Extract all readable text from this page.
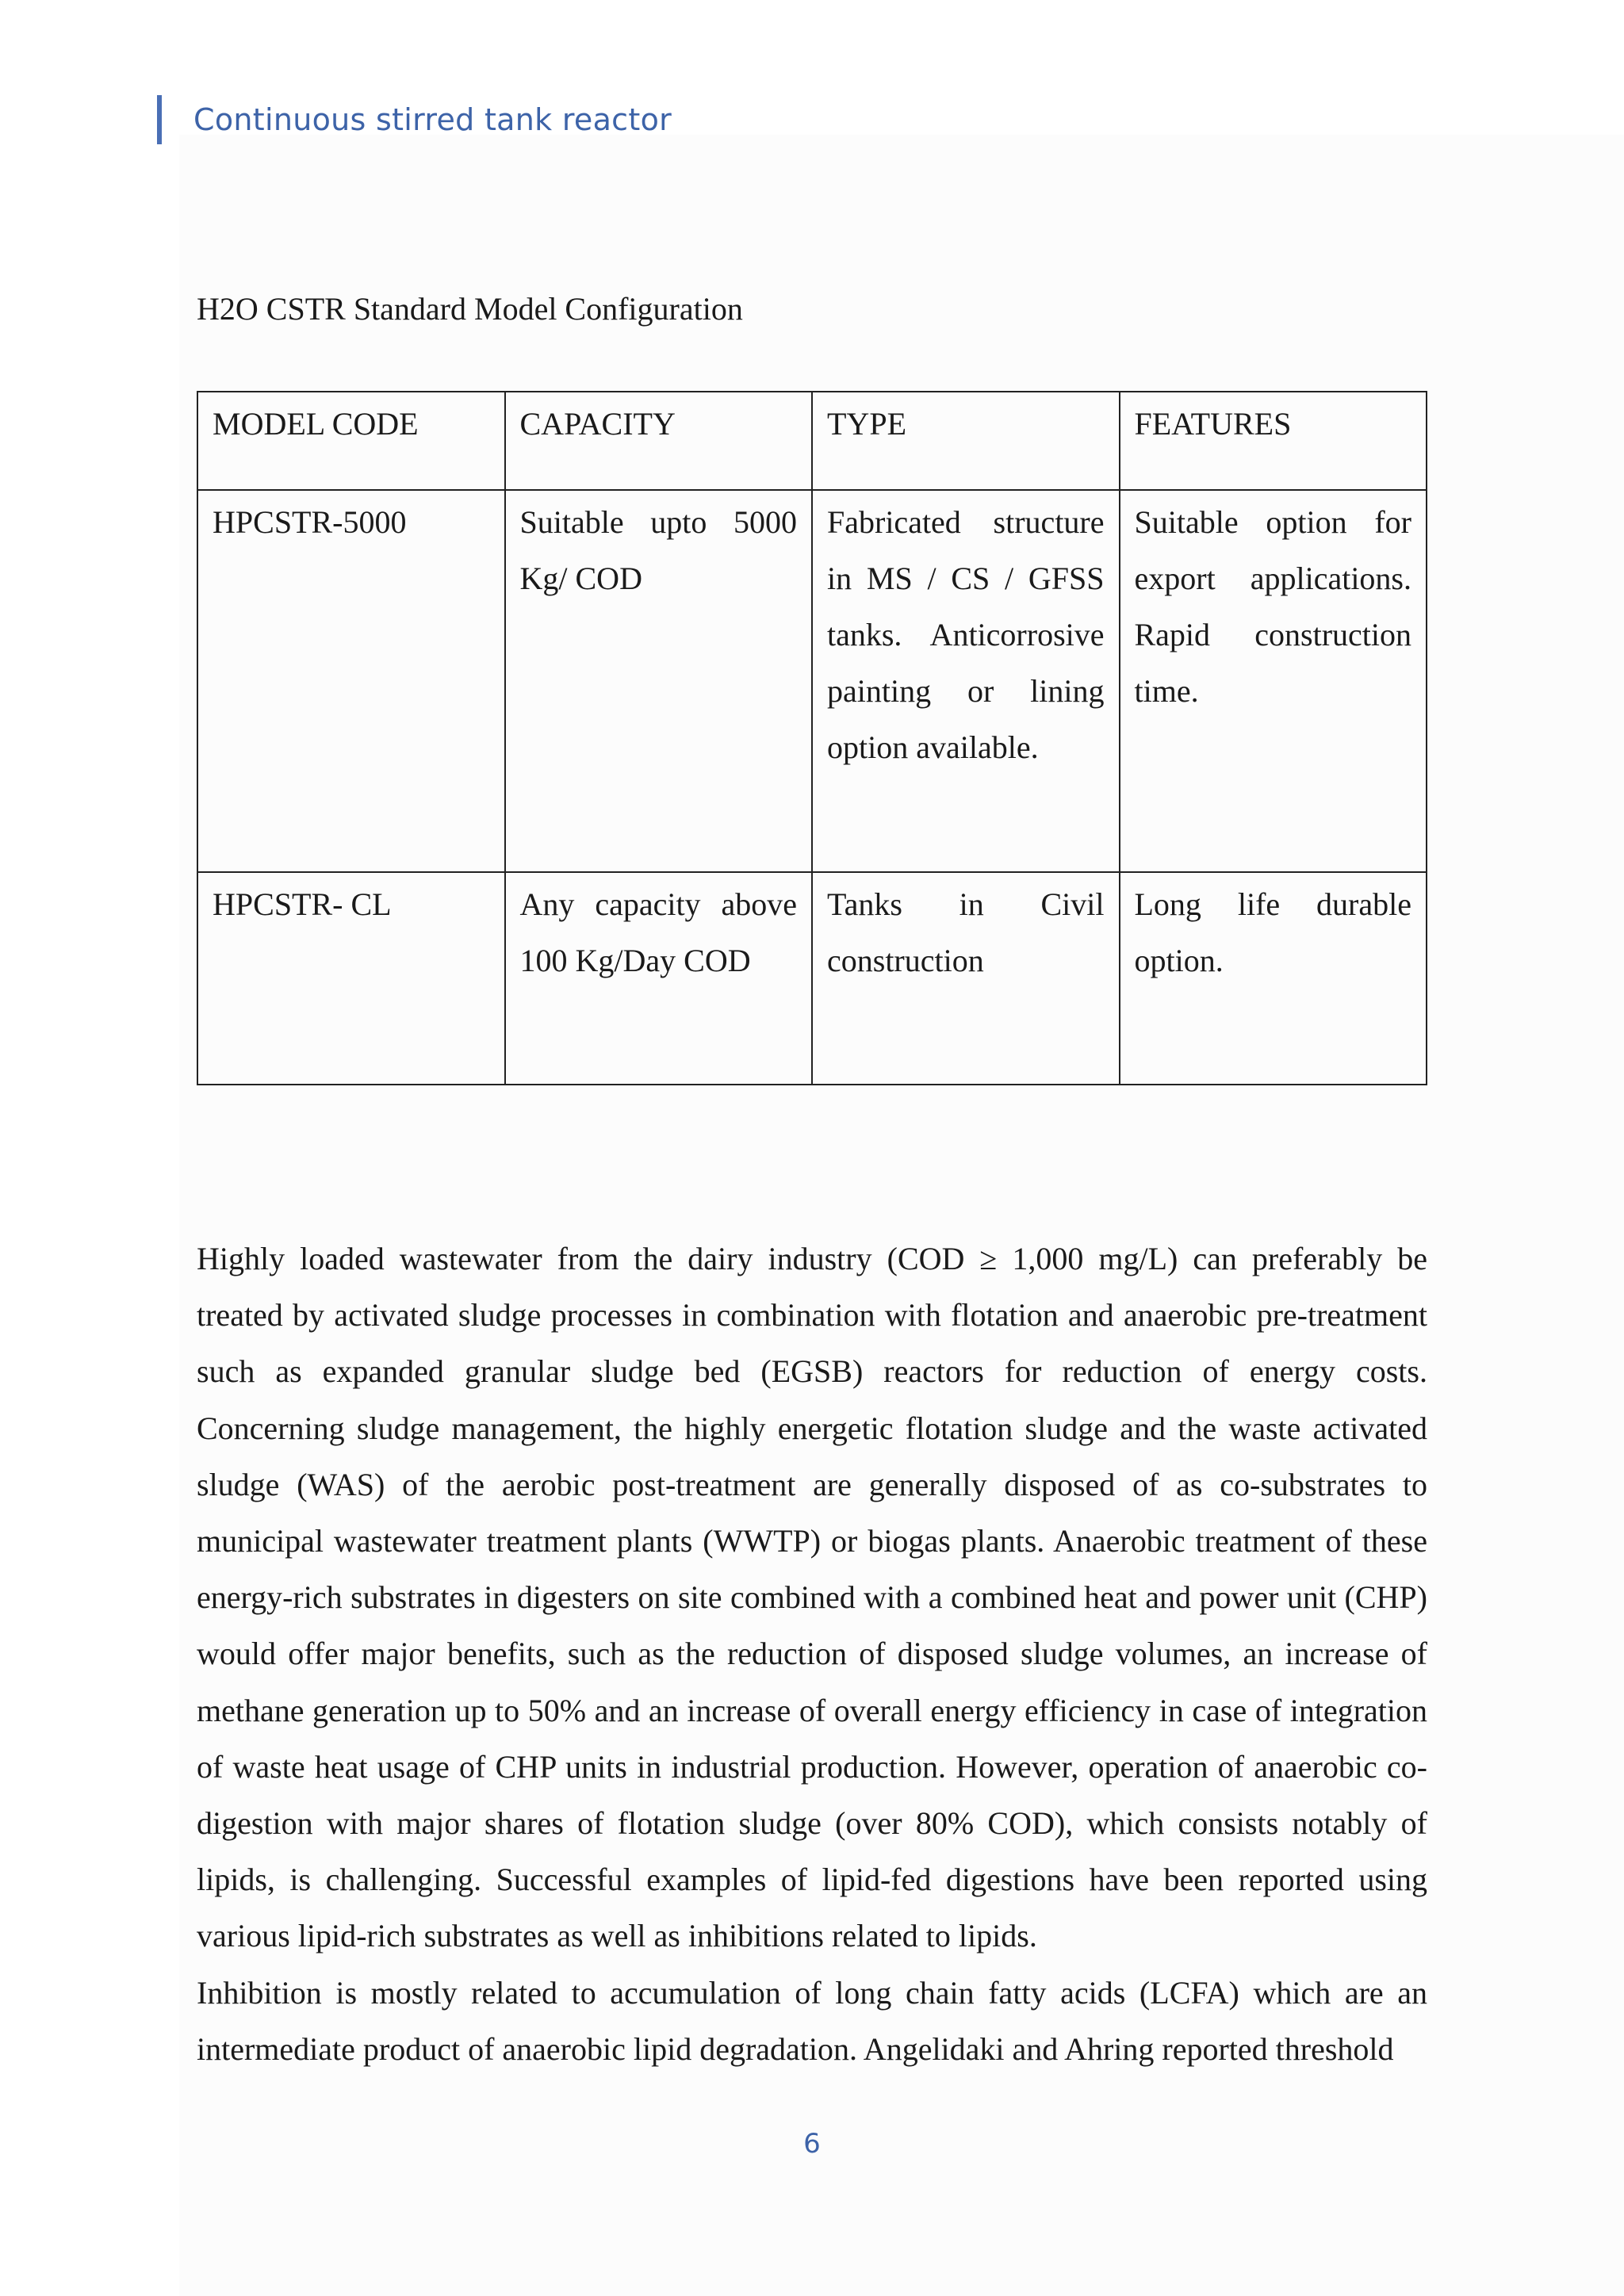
Continuous stirred tank reactor
H2O CSTR Standard Model Configuration
MODEL CODE	CAPACITY	TYPE	FEATURES
HPCSTR-5000	Suitable upto 5000 Kg/ COD	Fabricated structure in MS / CS / GFSS tanks. Anticorrosive painting or lining option available.	Suitable option for export applications. Rapid construction time.
HPCSTR- CL	Any capacity above 100 Kg/Day COD	Tanks in Civil construction	Long life durable option.

Highly loaded wastewater from the dairy industry (COD ≥ 1,000 mg/L) can preferably be treated by activated sludge processes in combination with flotation and anaerobic pre-treatment such as expanded granular sludge bed (EGSB) reactors for reduction of energy costs. Concerning sludge management, the highly energetic flotation sludge and the waste activated sludge (WAS) of the aerobic post-treatment are generally disposed of as co-substrates to municipal wastewater treatment plants (WWTP) or biogas plants. Anaerobic treatment of these energy-rich substrates in digesters on site combined with a combined heat and power unit (CHP) would offer major benefits, such as the reduction of disposed sludge volumes, an increase of methane generation up to 50% and an increase of overall energy efficiency in case of integration of waste heat usage of CHP units in industrial production. However, operation of anaerobic co-digestion with major shares of flotation sludge (over 80% COD), which consists notably of lipids, is challenging. Successful examples of lipid-fed digestions have been reported using various lipid-rich substrates as well as inhibitions related to lipids.

Inhibition is mostly related to accumulation of long chain fatty acids (LCFA) which are an intermediate product of anaerobic lipid degradation. Angelidaki and Ahring reported threshold

6
